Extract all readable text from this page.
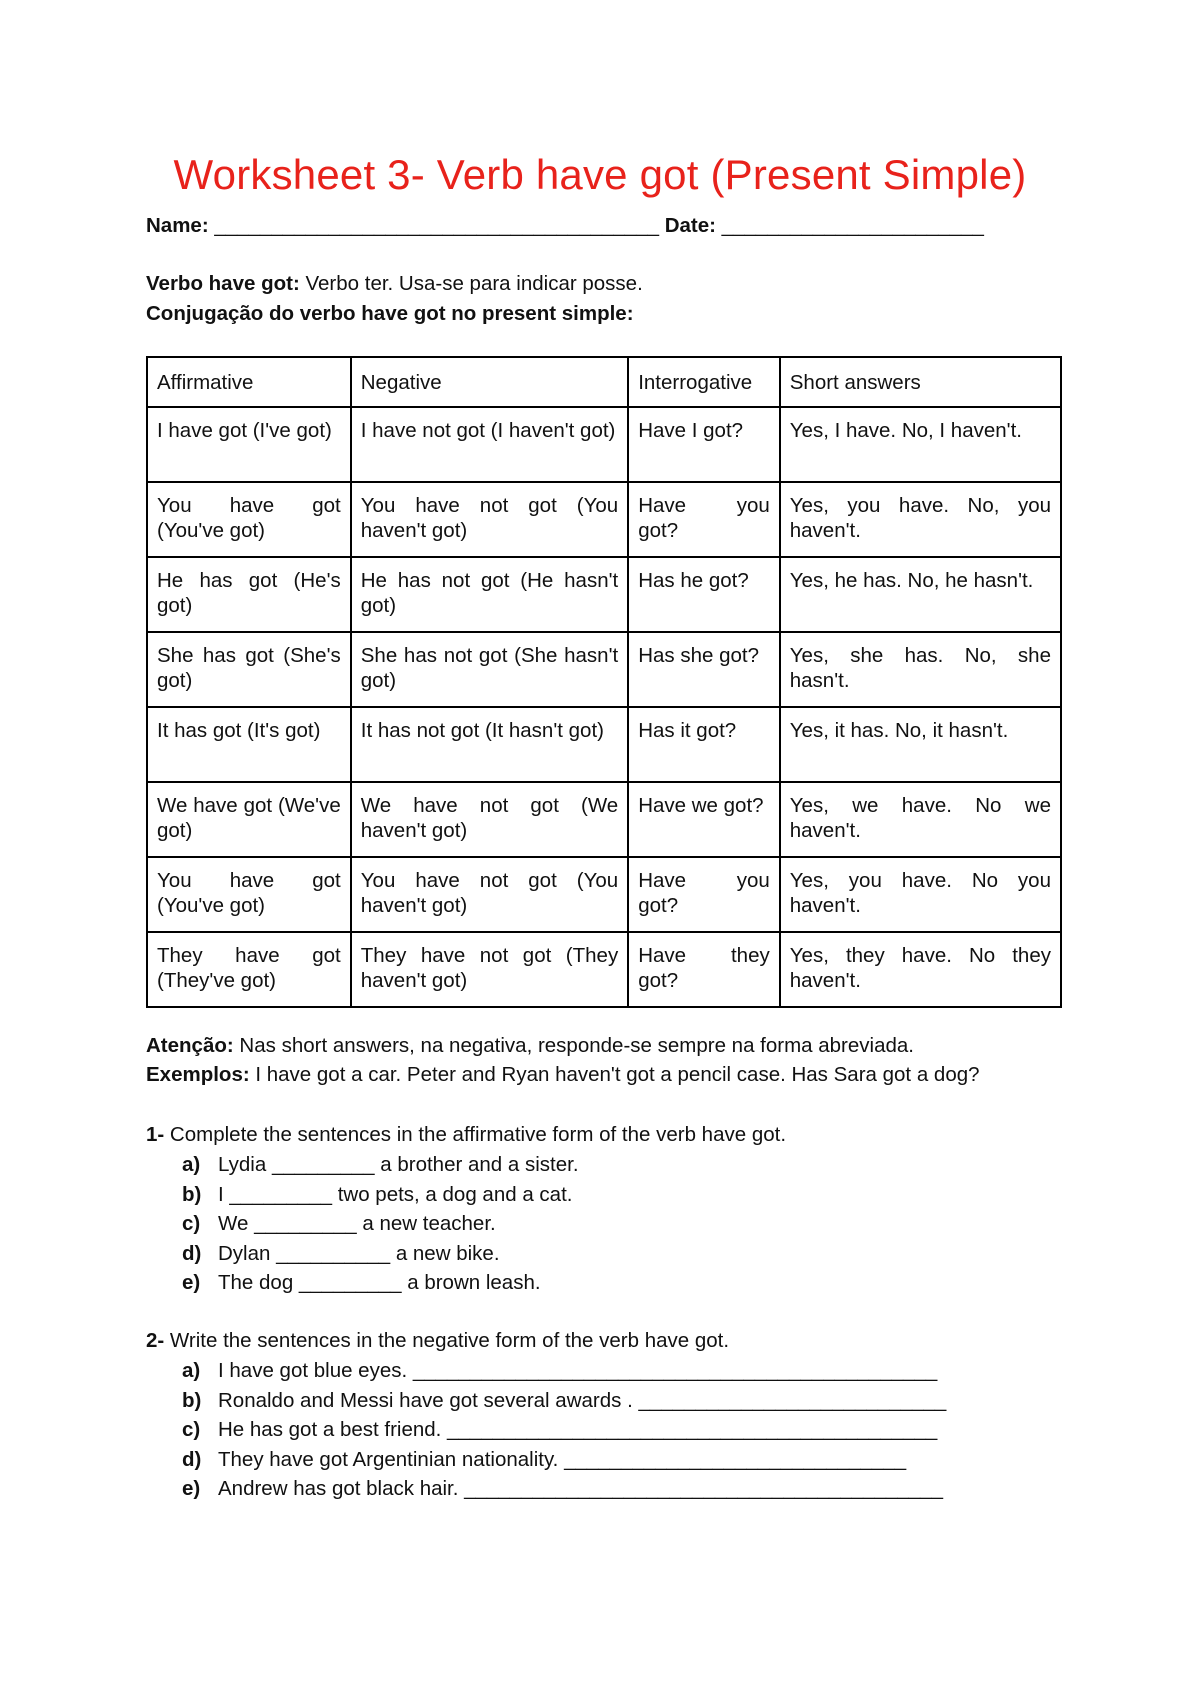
Worksheet 3- Verb have got (Present Simple)
Name: _______________________________________ Date: _______________________
Verbo have got: Verbo ter. Usa-se para indicar posse.
Conjugação do verbo have got no present simple:
Affirmative	Negative	Interrogative	Short answers
I have got (I've got)	I have not got (I haven't got)	Have I got?	Yes, I have. No, I haven't.
You have got (You've got)	You have not got (You haven't got)	Have you got?	Yes, you have. No, you haven't.
He has got (He's got)	He has not got (He hasn't got)	Has he got?	Yes, he has. No, he hasn't.
She has got (She's got)	She has not got (She hasn't got)	Has she got?	Yes, she has. No, she hasn't.
It has got (It's got)	It has not got (It hasn't got)	Has it got?	Yes, it has. No, it hasn't.
We have got (We've got)	We have not got (We haven't got)	Have we got?	Yes, we have. No we haven't.
You have got (You've got)	You have not got (You haven't got)	Have you got?	Yes, you have. No you haven't.
They have got (They've got)	They have not got (They haven't got)	Have they got?	Yes, they have. No they haven't.
Atenção: Nas short answers, na negativa, responde-se sempre na forma abreviada.
Exemplos: I have got a car. Peter and Ryan haven't got a pencil case. Has Sara got a dog?
1- Complete the sentences in the affirmative form of the verb have got.
a) Lydia _________ a brother and a sister.
b) I _________ two pets, a dog and a cat.
c) We _________ a new teacher.
d) Dylan __________ a new bike.
e) The dog _________ a brown leash.
2- Write the sentences in the negative form of the verb have got.
a) I have got blue eyes. ______________________________________________
b) Ronaldo and Messi have got several awards . ___________________________
c) He has got a best friend. ___________________________________________
d) They have got Argentinian nationality. ______________________________
e) Andrew has got black hair. __________________________________________
